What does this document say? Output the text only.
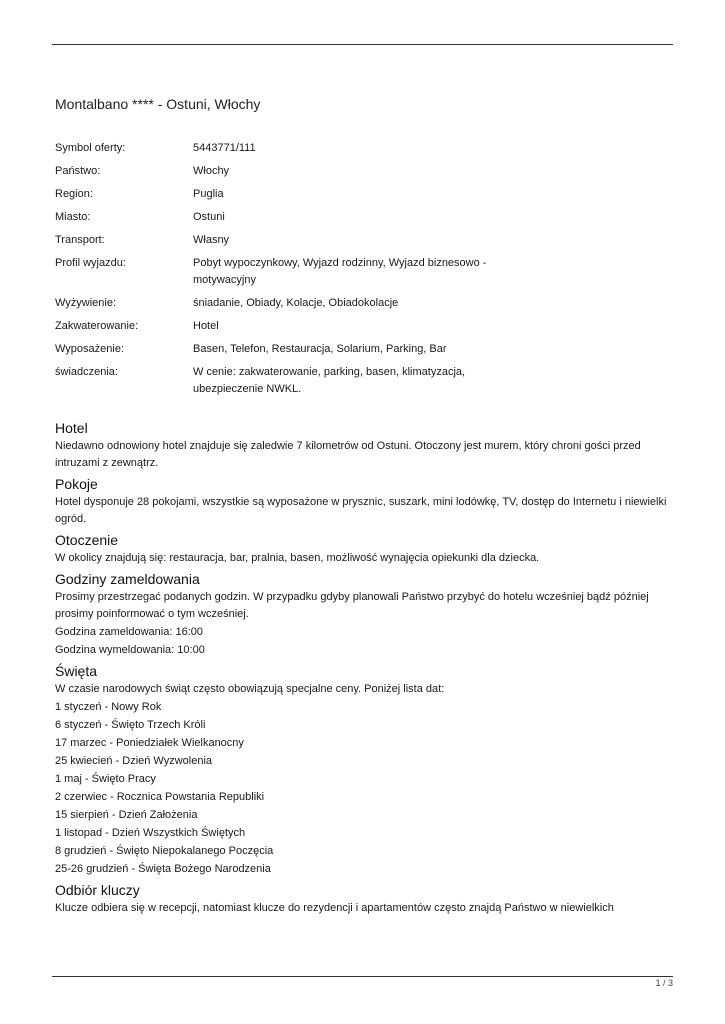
Montalbano **** - Ostuni, Włochy
Symbol oferty:	5443771/111
Państwo:	Włochy
Region:	Puglia
Miasto:	Ostuni
Transport:	Własny
Profil wyjazdu:	Pobyt wypoczynkowy, Wyjazd rodzinny, Wyjazd biznesowo - motywacyjny
Wyżywienie:	śniadanie, Obiady, Kolacje, Obiadokolacje
Zakwaterowanie:	Hotel
Wyposażenie:	Basen, Telefon, Restauracja, Solarium, Parking, Bar
świadczenia:	W cenie: zakwaterowanie, parking, basen, klimatyzacja, ubezpieczenie NWKL.
Hotel
Niedawno odnowiony hotel znajduje się zaledwie 7 kilometrów od Ostuni. Otoczony jest murem, który chroni gości przed intruzami z zewnątrz.
Pokoje
Hotel dysponuje 28 pokojami, wszystkie są wyposażone w prysznic, suszark, mini lodówkę, TV, dostęp do Internetu i niewielki ogród.
Otoczenie
W okolicy znajdują się: restauracja, bar, pralnia, basen, możliwość wynajęcia opiekunki dla dziecka.
Godziny zameldowania
Prosimy przestrzegać podanych godzin. W przypadku gdyby planowali Państwo przybyć do hotelu wcześniej bądź później prosimy poinformować o tym wcześniej.
Godzina zameldowania: 16:00
Godzina wymeldowania: 10:00
Święta
W czasie narodowych świąt często obowiązują specjalne ceny. Poniżej lista dat:
1 styczeń - Nowy Rok
6 styczeń - Święto Trzech Króli
17 marzec - Poniedziałek Wielkanocny
25 kwiecień - Dzień Wyzwolenia
1 maj - Święto Pracy
2 czerwiec - Rocznica Powstania Republiki
15 sierpień - Dzień Założenia
1 listopad - Dzień Wszystkich Świętych
8 grudzień - Święto Niepokalanego Poczęcia
25-26 grudzień - Święta Bożego Narodzenia
Odbiór kluczy
Klucze odbiera się w recepcji, natomiast klucze do rezydencji i apartamentów często znajdą Państwo w niewielkich
1 / 3
